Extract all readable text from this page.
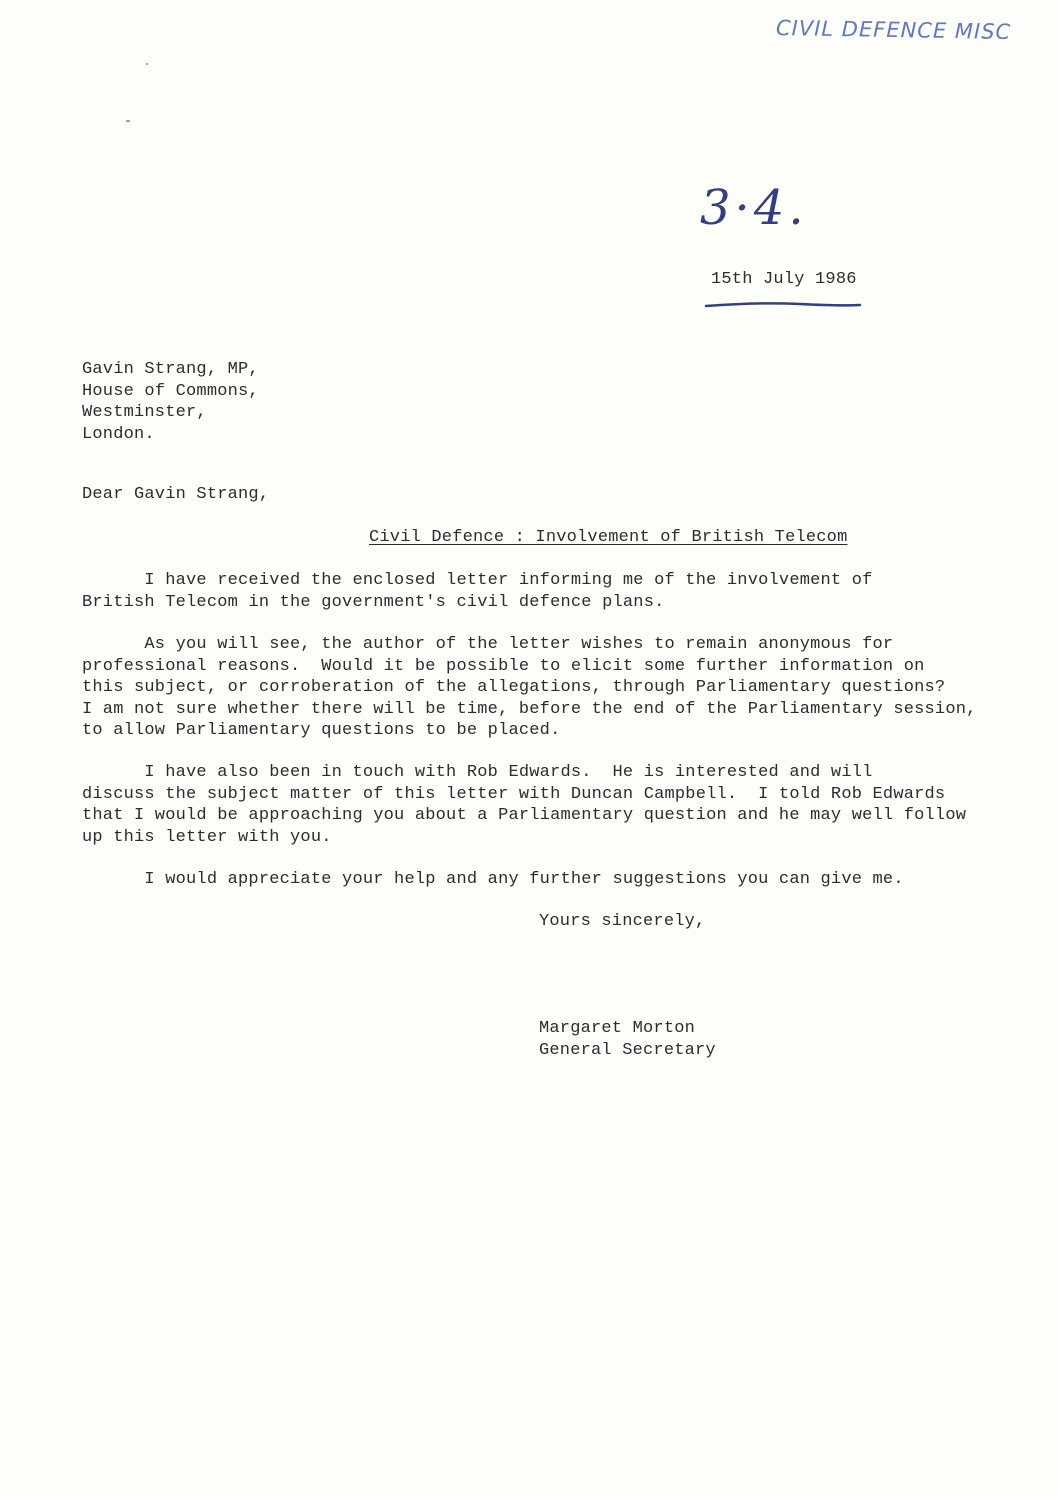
CIVIL DEFENCE MISC
3·4.
15th July 1986
Gavin Strang, MP,
House of Commons,
Westminster,
London.
Dear Gavin Strang,
Civil Defence : Involvement of British Telecom
I have received the enclosed letter informing me of the involvement of
British Telecom in the government's civil defence plans.
As you will see, the author of the letter wishes to remain anonymous for
professional reasons.  Would it be possible to elicit some further information on
this subject, or corroberation of the allegations, through Parliamentary questions?
I am not sure whether there will be time, before the end of the Parliamentary session,
to allow Parliamentary questions to be placed.
I have also been in touch with Rob Edwards.  He is interested and will
discuss the subject matter of this letter with Duncan Campbell.  I told Rob Edwards
that I would be approaching you about a Parliamentary question and he may well follow
up this letter with you.
I would appreciate your help and any further suggestions you can give me.
Yours sincerely,
Margaret Morton
General Secretary
